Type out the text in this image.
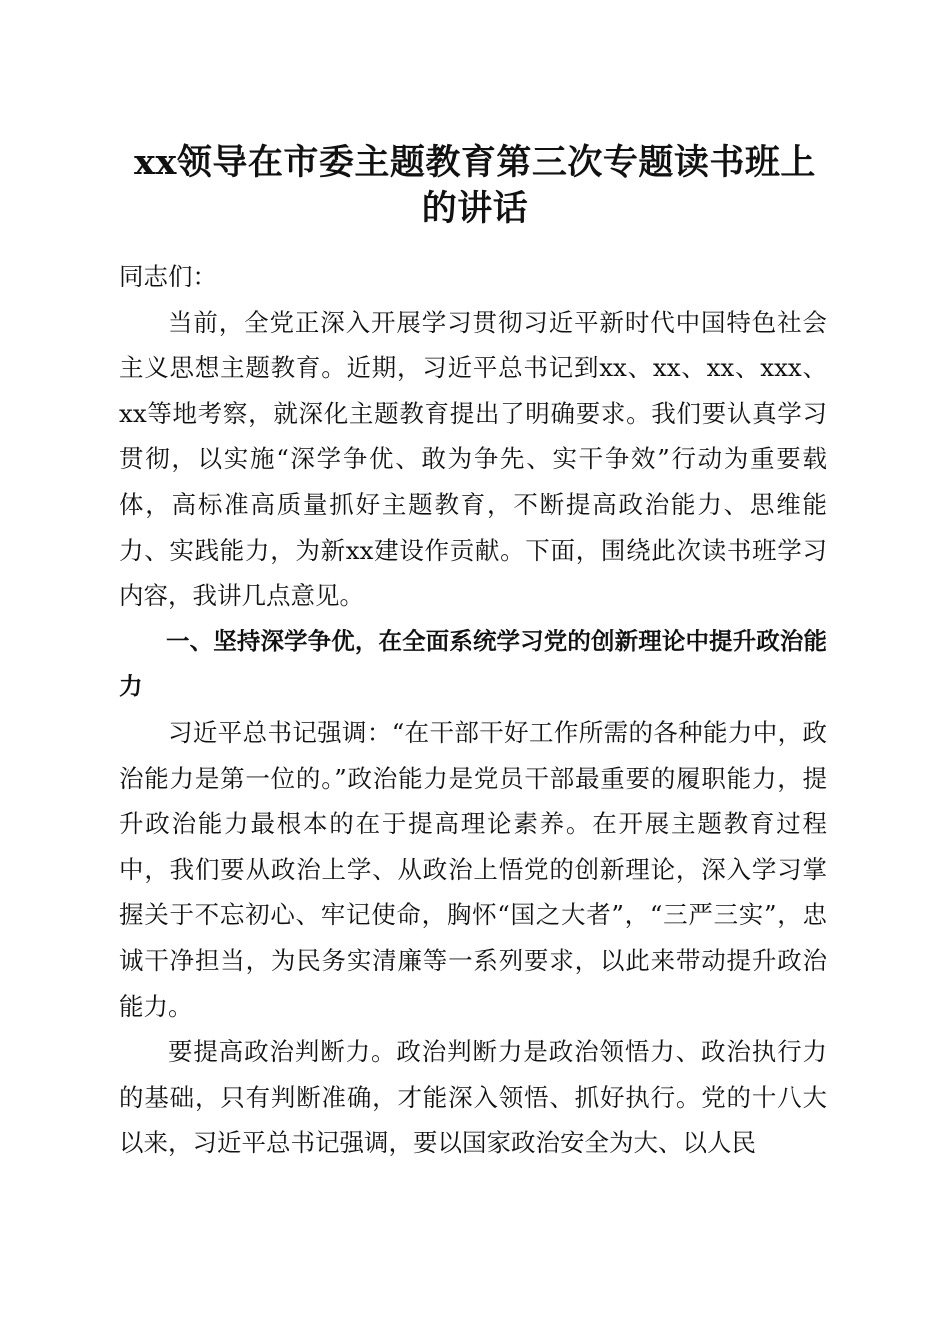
xx领导在市委主题教育第三次专题读书班上
的讲话

同志们：

当前，全党正深入开展学习贯彻习近平新时代中国特色社会主义思想主题教育。近期，习近平总书记到xx、xx、xx、xxx、xx等地考察，就深化主题教育提出了明确要求。我们要认真学习贯彻，以实施“深学争优、敢为争先、实干争效”行动为重要载体，高标准高质量抓好主题教育，不断提高政治能力、思维能力、实践能力，为新xx建设作贡献。下面，围绕此次读书班学习内容，我讲几点意见。

一、坚持深学争优，在全面系统学习党的创新理论中提升政治能力

习近平总书记强调：“在干部干好工作所需的各种能力中，政治能力是第一位的。”政治能力是党员干部最重要的履职能力，提升政治能力最根本的在于提高理论素养。在开展主题教育过程中，我们要从政治上学、从政治上悟党的创新理论，深入学习掌握关于不忘初心、牢记使命，胸怀“国之大者”，“三严三实”，忠诚干净担当，为民务实清廉等一系列要求，以此来带动提升政治能力。

要提高政治判断力。政治判断力是政治领悟力、政治执行力的基础，只有判断准确，才能深入领悟、抓好执行。党的十八大以来，习近平总书记强调，要以国家政治安全为大、以人民
